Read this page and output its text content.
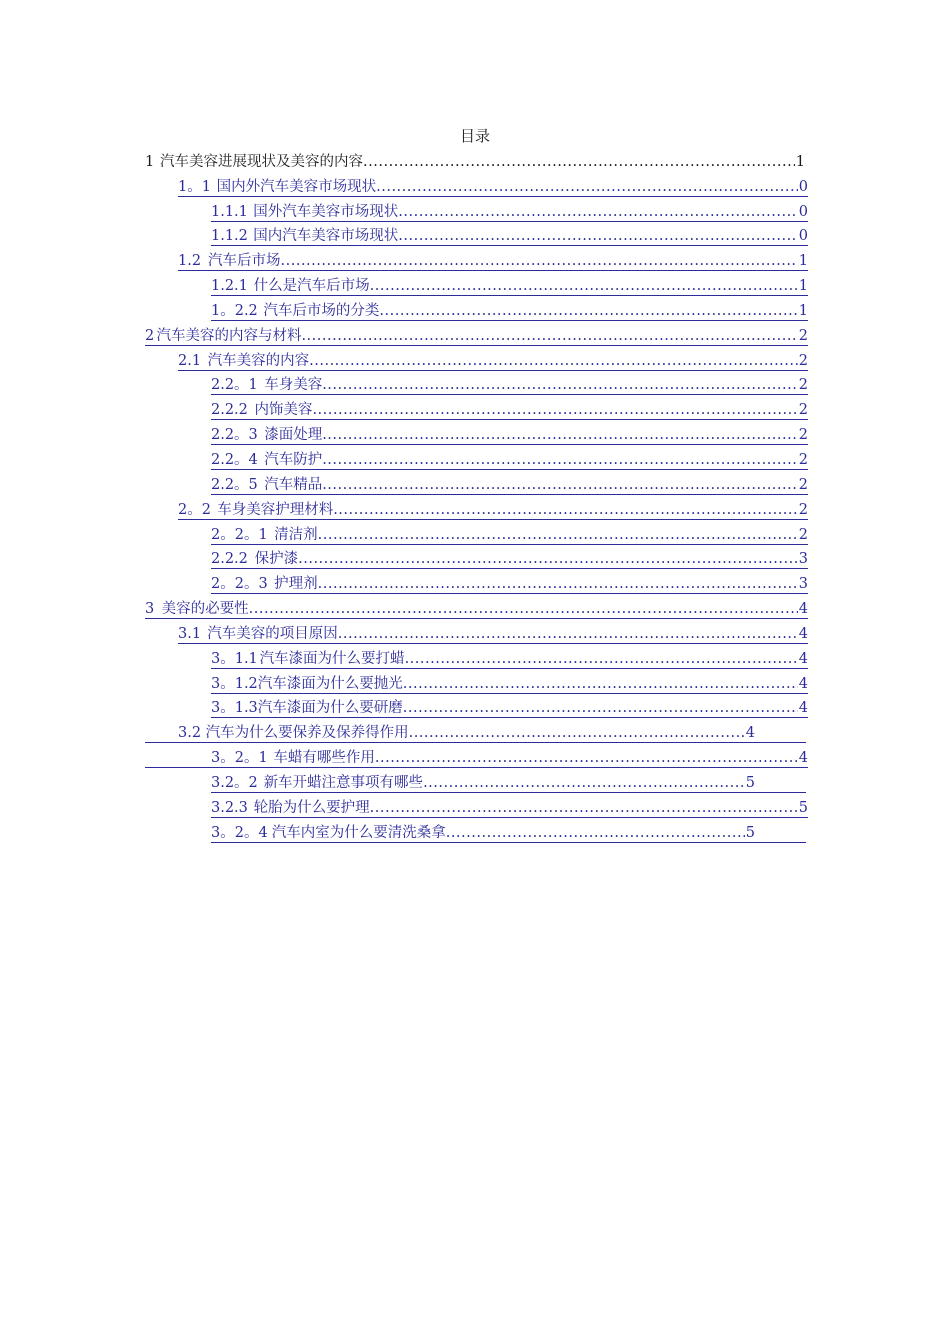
目录
1 汽车美容进展现状及美容的内容 .....	1
1。1 国内外汽车美容市场现状 .....	0
1.1.1 国外汽车美容市场现状 .....	0
1.1.2 国内汽车美容市场现状 .....	0
1.2 汽车后市场 .....	1
1.2.1 什么是汽车后市场 .....	1
1。2.2 汽车后市场的分类 .....	1
2 汽车美容的内容与材料 .....	2
2.1 汽车美容的内容 .....	2
2.2。1 车身美容 .....	2
2.2.2 内饰美容 .....	2
2.2。3 漆面处理 .....	2
2.2。4 汽车防护 .....	2
2.2。5 汽车精品 .....	2
2。2 车身美容护理材料 .....	2
2。2。1 清洁剂 .....	2
2.2.2 保护漆 .....	3
2。2。3 护理剂 .....	3
3 美容的必要性 .....	4
3.1 汽车美容的项目原因 .....	4
3。1.1 汽车漆面为什么要打蜡 .....	4
3。1.2 汽车漆面为什么要抛光 .....	4
3。1.3 汽车漆面为什么要研磨 .....	4
3.2 汽车为什么要保养及保养得作用 .....	4
3。2。1 车蜡有哪些作用 .....	4
3.2。2 新车开蜡注意事项有哪些 .....	5
3.2.3 轮胎为什么要护理 .....	5
3。2。4 汽车内室为什么要清洗桑拿 .....	5
